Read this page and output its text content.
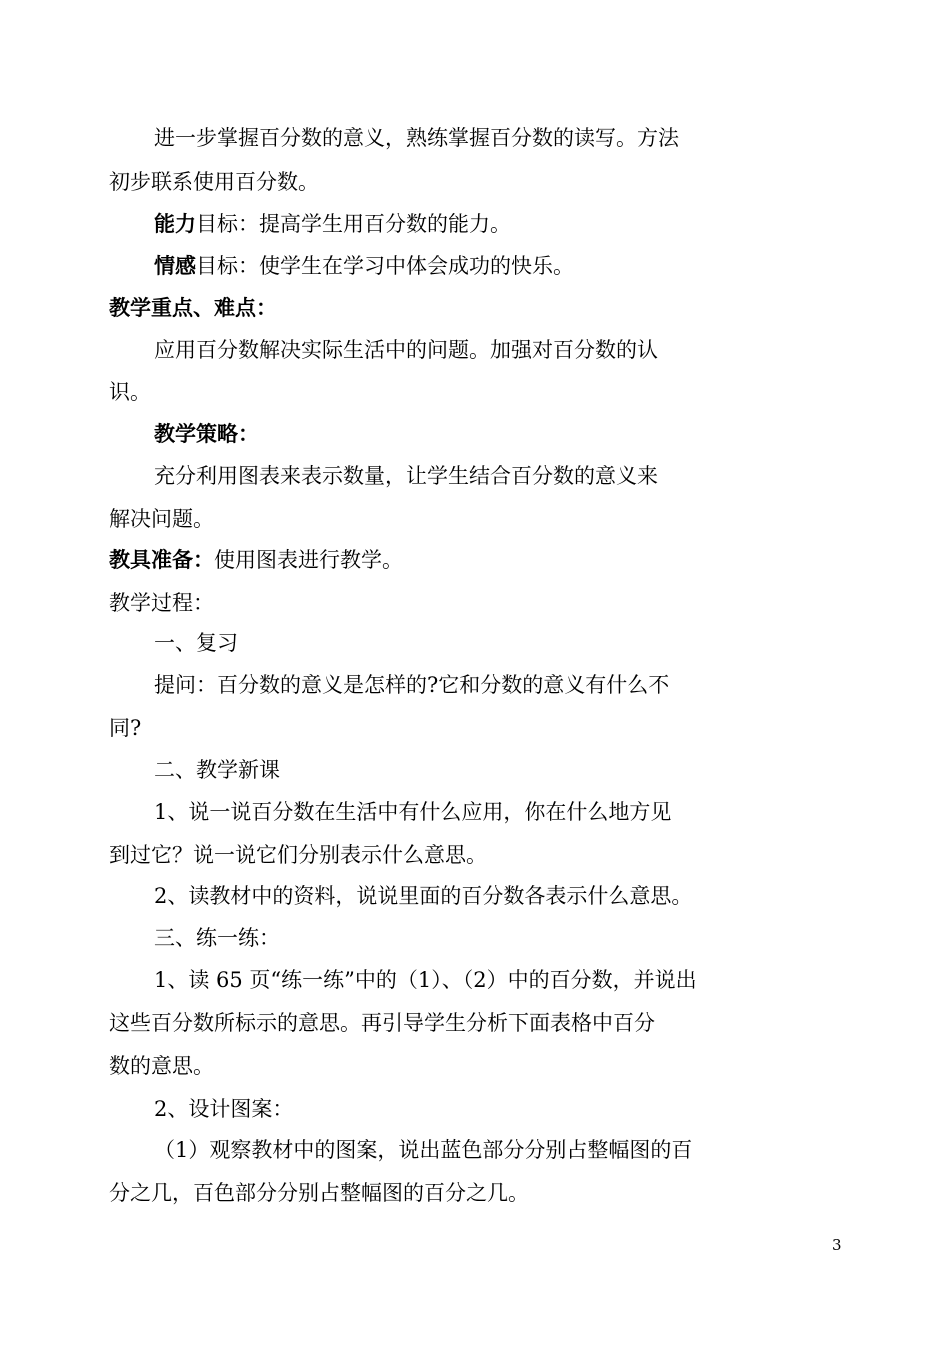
进一步掌握百分数的意义，熟练掌握百分数的读写。方法
初步联系使用百分数。
能力目标：提高学生用百分数的能力。
情感目标：使学生在学习中体会成功的快乐。
教学重点、难点：
应用百分数解决实际生活中的问题。加强对百分数的认
识。
教学策略：
充分利用图表来表示数量，让学生结合百分数的意义来
解决问题。
教具准备：使用图表进行教学。
教学过程：
一、复习
提问：百分数的意义是怎样的?它和分数的意义有什么不
同?
二、教学新课
1、说一说百分数在生活中有什么应用，你在什么地方见
到过它？说一说它们分别表示什么意思。
2、读教材中的资料，说说里面的百分数各表示什么意思。
三、练一练：
1、读 65 页“练一练”中的（1）、（2）中的百分数，并说出
这些百分数所标示的意思。再引导学生分析下面表格中百分
数的意思。
2、设计图案：
（1）观察教材中的图案，说出蓝色部分分别占整幅图的百
分之几，百色部分分别占整幅图的百分之几。
3
